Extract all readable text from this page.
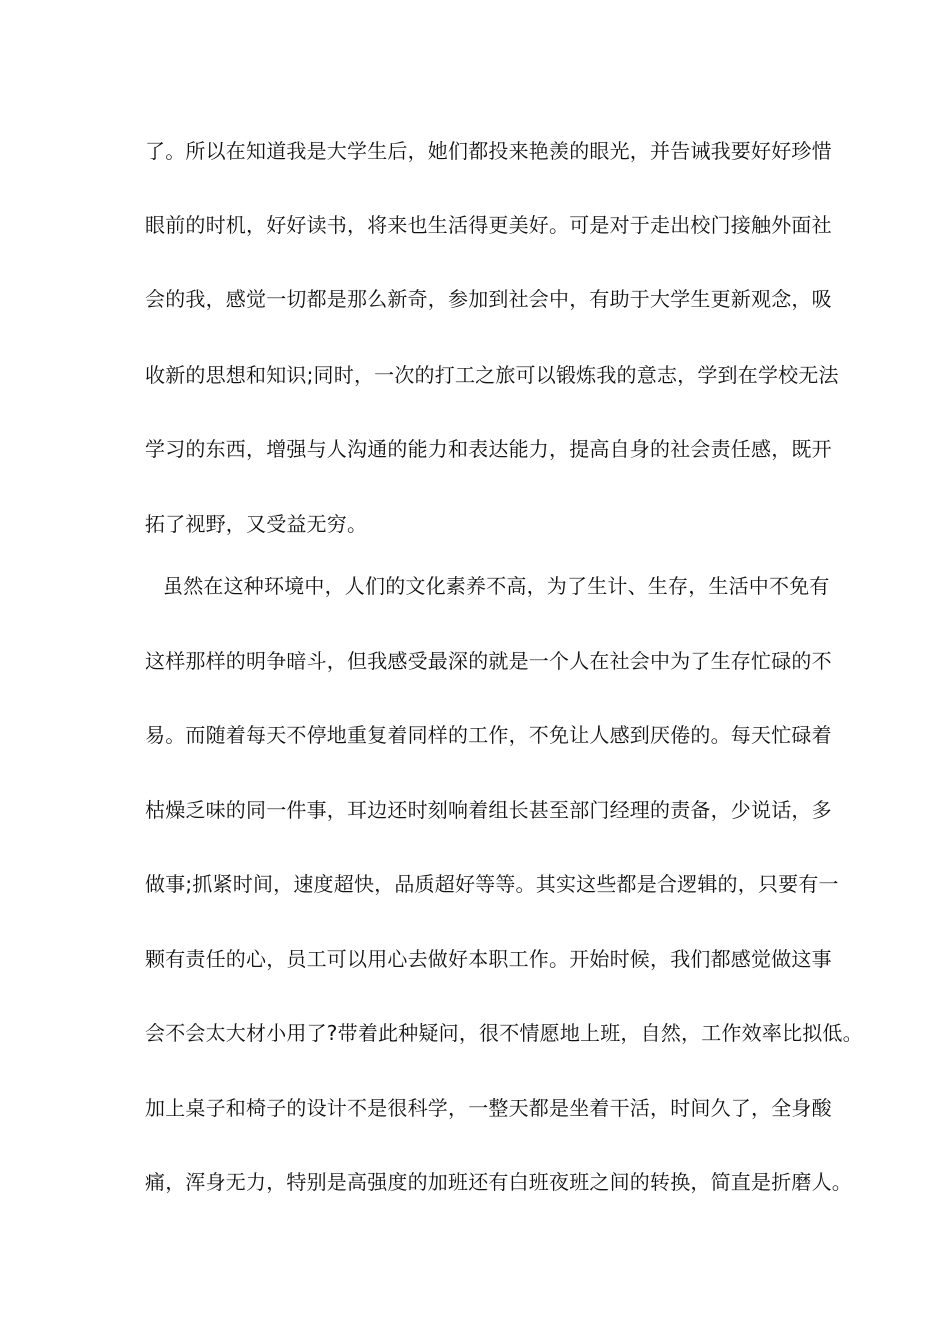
了。所以在知道我是大学生后，她们都投来艳羡的眼光，并告诫我要好好珍惜
眼前的时机，好好读书，将来也生活得更美好。可是对于走出校门接触外面社
会的我，感觉一切都是那么新奇，参加到社会中，有助于大学生更新观念，吸
收新的思想和知识;同时，一次的打工之旅可以锻炼我的意志，学到在学校无法
学习的东西，增强与人沟通的能力和表达能力，提高自身的社会责任感，既开
拓了视野，又受益无穷。
虽然在这种环境中，人们的文化素养不高，为了生计、生存，生活中不免有
这样那样的明争暗斗，但我感受最深的就是一个人在社会中为了生存忙碌的不
易。而随着每天不停地重复着同样的工作，不免让人感到厌倦的。每天忙碌着
枯燥乏味的同一件事，耳边还时刻响着组长甚至部门经理的责备，少说话，多
做事;抓紧时间，速度超快，品质超好等等。其实这些都是合逻辑的，只要有一
颗有责任的心，员工可以用心去做好本职工作。开始时候，我们都感觉做这事
会不会太大材小用了?带着此种疑问，很不情愿地上班，自然，工作效率比拟低。
加上桌子和椅子的设计不是很科学，一整天都是坐着干活，时间久了，全身酸
痛，浑身无力，特别是高强度的加班还有白班夜班之间的转换，简直是折磨人。
